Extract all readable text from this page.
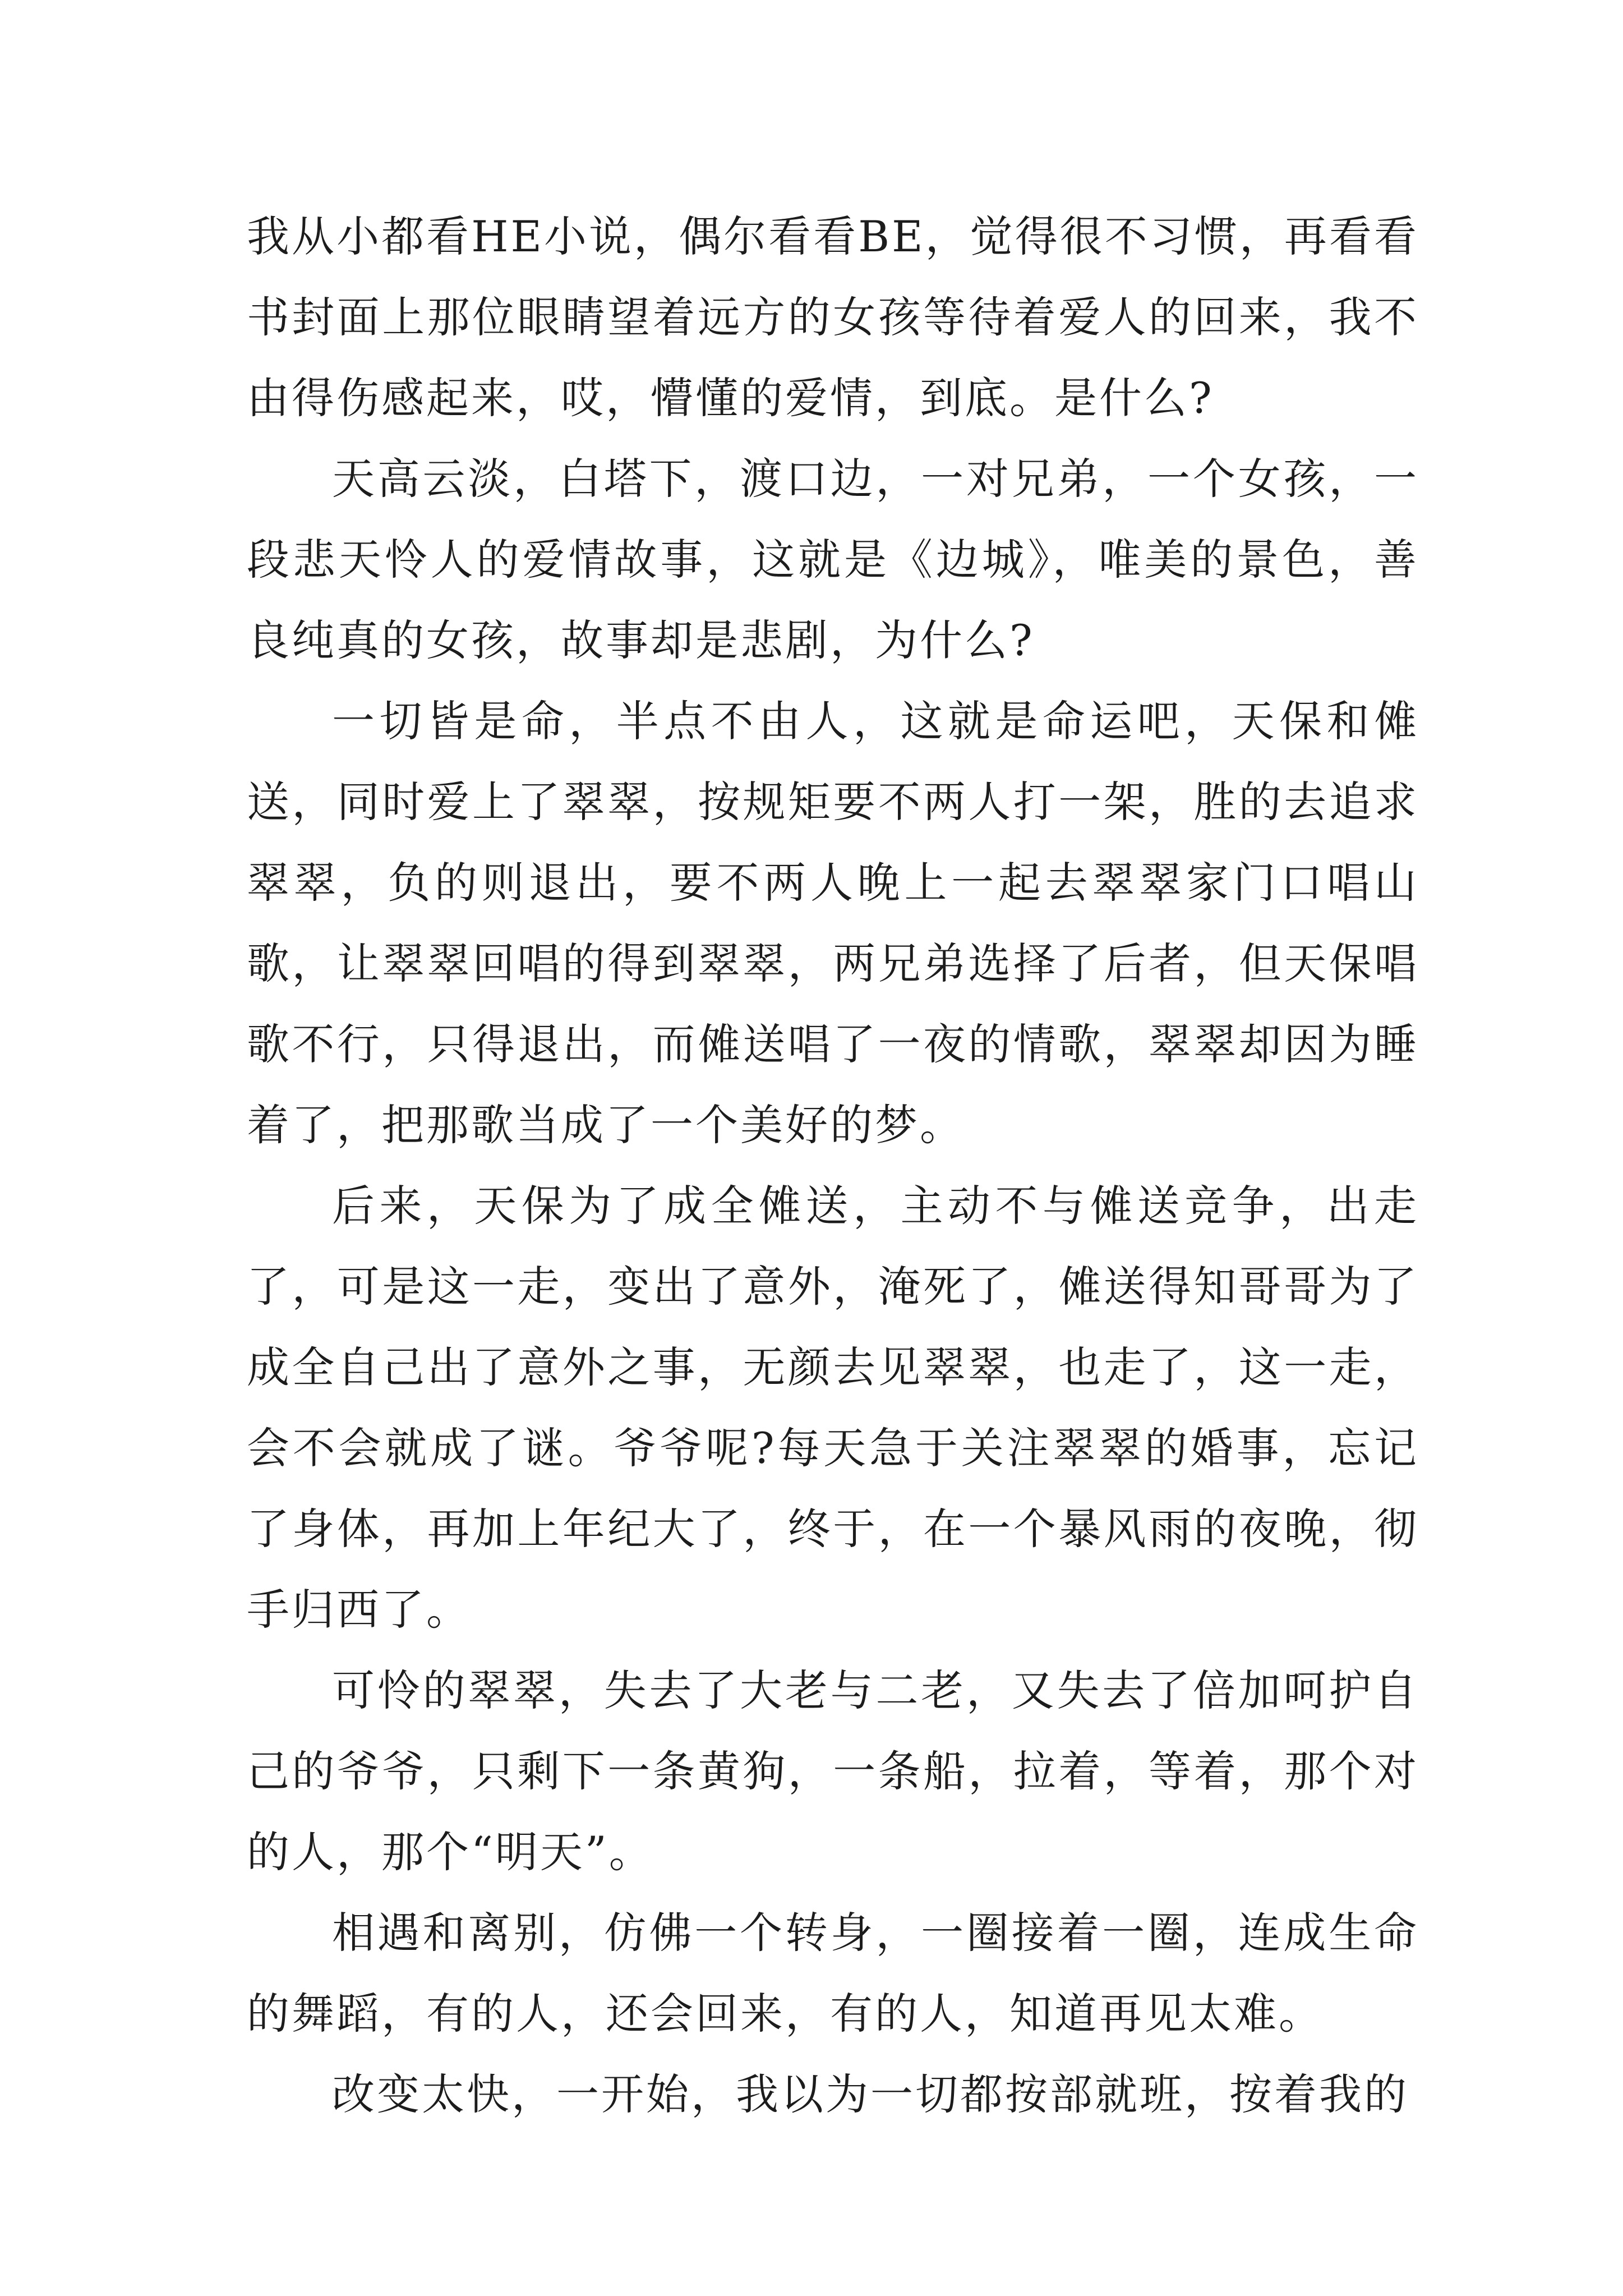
我从小都看HE小说，偶尔看看BE，觉得很不习惯，再看看书封面上那位眼睛望着远方的女孩等待着爱人的回来，我不由得伤感起来，哎，懵懂的爱情，到底。是什么?

天高云淡，白塔下，渡口边，一对兄弟，一个女孩，一段悲天怜人的爱情故事，这就是《边城》，唯美的景色，善良纯真的女孩，故事却是悲剧，为什么?

一切皆是命，半点不由人，这就是命运吧，天保和傩送，同时爱上了翠翠，按规矩要不两人打一架，胜的去追求翠翠，负的则退出，要不两人晚上一起去翠翠家门口唱山歌，让翠翠回唱的得到翠翠，两兄弟选择了后者，但天保唱歌不行，只得退出，而傩送唱了一夜的情歌，翠翠却因为睡着了，把那歌当成了一个美好的梦。

后来，天保为了成全傩送，主动不与傩送竞争，出走了，可是这一走，变出了意外，淹死了，傩送得知哥哥为了成全自己出了意外之事，无颜去见翠翠，也走了，这一走，会不会就成了谜。爷爷呢?每天急于关注翠翠的婚事，忘记了身体，再加上年纪大了，终于，在一个暴风雨的夜晚，彻手归西了。

可怜的翠翠，失去了大老与二老，又失去了倍加呵护自己的爷爷，只剩下一条黄狗，一条船，拉着，等着，那个对的人，那个“明天”。

相遇和离别，仿佛一个转身，一圈接着一圈，连成生命的舞蹈，有的人，还会回来，有的人，知道再见太难。

改变太快，一开始，我以为一切都按部就班，按着我的
